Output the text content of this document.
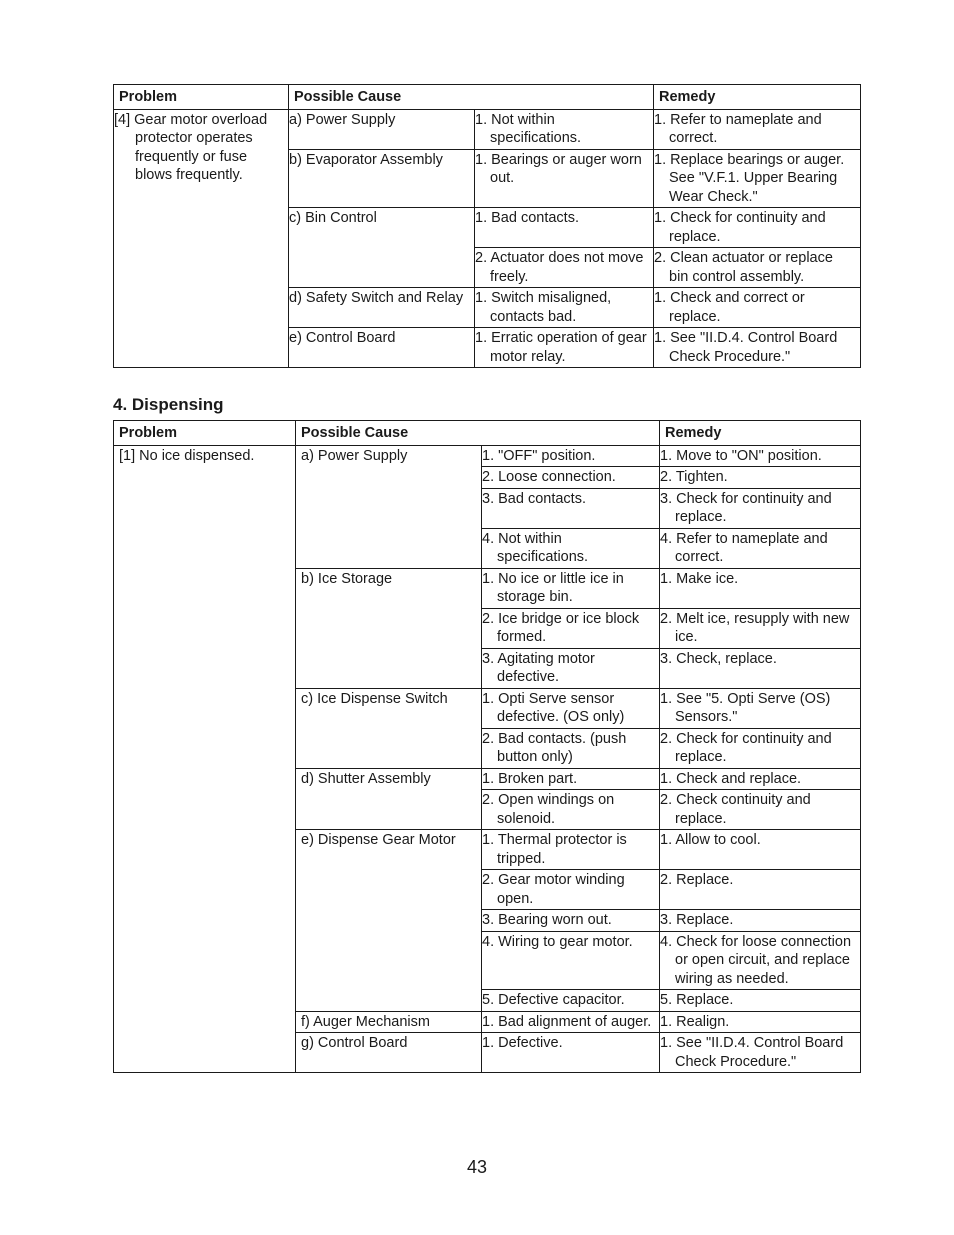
Problem	Possible Cause		Remedy
[4] Gear motor overload protector operates frequently or fuse blows frequently.	a) Power Supply	1. Not within specifications.	1. Refer to nameplate and correct.
	b) Evaporator Assembly	1. Bearings or auger worn out.	1. Replace bearings or auger. See "V.F.1. Upper Bearing Wear Check."
	c) Bin Control	1. Bad contacts.	1. Check for continuity and replace.
		2. Actuator does not move freely.	2. Clean actuator or replace bin control assembly.
	d) Safety Switch and Relay	1. Switch misaligned, contacts bad.	1. Check and correct or replace.
	e) Control Board	1. Erratic operation of gear motor relay.	1. See "II.D.4. Control Board Check Procedure."
4. Dispensing
Problem	Possible Cause		Remedy
[1] No ice dispensed.	a) Power Supply	1. "OFF" position.	1. Move to "ON" position.
		2. Loose connection.	2. Tighten.
		3. Bad contacts.	3. Check for continuity and replace.
		4. Not within specifications.	4. Refer to nameplate and correct.
	b) Ice Storage	1. No ice or little ice in storage bin.	1. Make ice.
		2. Ice bridge or ice block formed.	2. Melt ice, resupply with new ice.
		3. Agitating motor defective.	3. Check, replace.
	c) Ice Dispense Switch	1. Opti Serve sensor defective. (OS only)	1. See "5. Opti Serve (OS) Sensors."
		2. Bad contacts. (push button only)	2. Check for continuity and replace.
	d) Shutter Assembly	1. Broken part.	1. Check and replace.
		2. Open windings on solenoid.	2. Check continuity and replace.
	e) Dispense Gear Motor	1. Thermal protector is tripped.	1. Allow to cool.
		2. Gear motor winding open.	2. Replace.
		3. Bearing worn out.	3. Replace.
		4. Wiring to gear motor.	4. Check for loose connection or open circuit, and replace wiring as needed.
		5. Defective capacitor.	5. Replace.
	f) Auger Mechanism	1. Bad alignment of auger.	1. Realign.
	g) Control Board	1. Defective.	1. See "II.D.4. Control Board Check Procedure."
43
